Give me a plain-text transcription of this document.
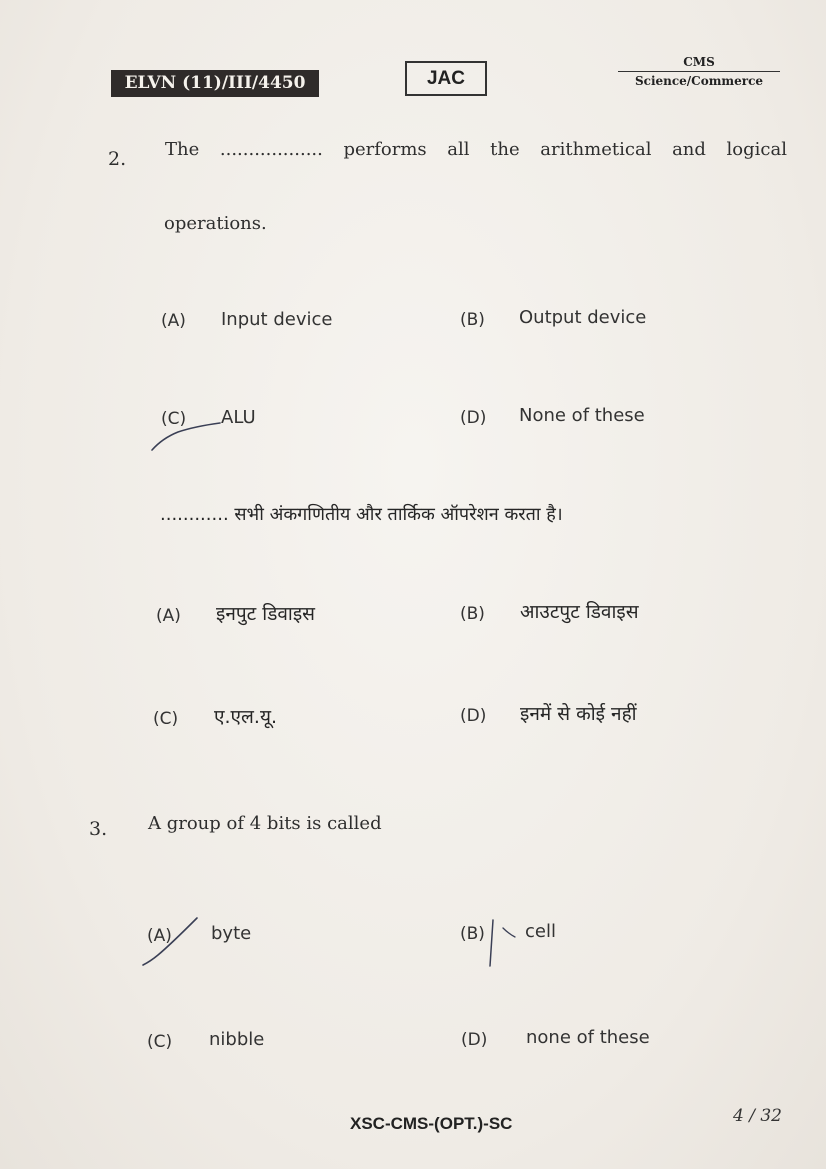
ELVN (11)/III/4450	JAC
CMS
Science/Commerce
2. The .................. performs all the arithmetical and logical
operations.
(A) Input device	(B) Output device
(C) ALU	(D) None of these
............ सभी अंकगणितीय और तार्किक ऑपरेशन करता है।
(A) इनपुट डिवाइस	(B) आउटपुट डिवाइस
(C) ए.एल.यू.	(D) इनमें से कोई नहीं
3. A group of 4 bits is called
(A) byte	(B) cell
(C) nibble	(D) none of these
XSC-CMS-(OPT.)-SC	4 / 32
